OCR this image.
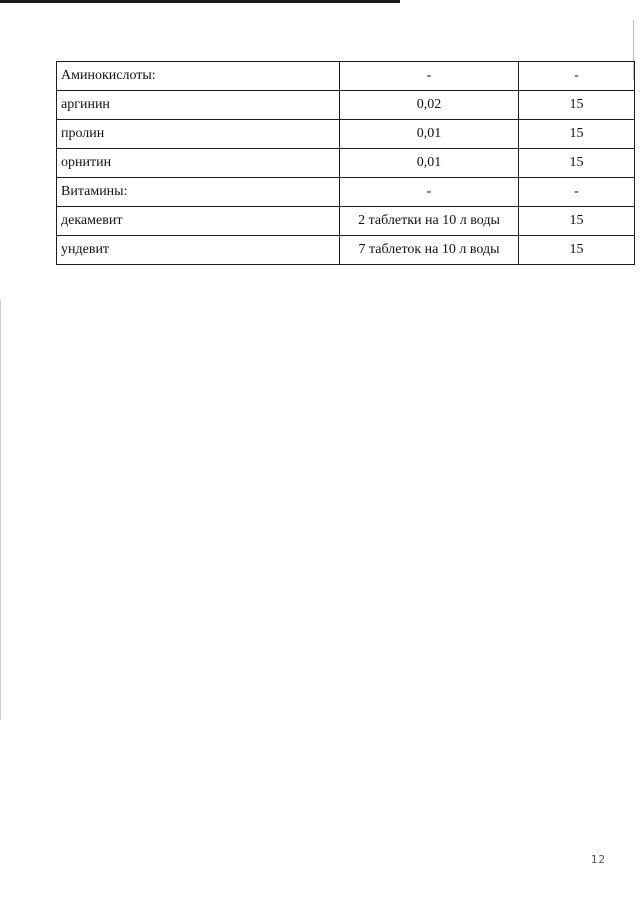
Аминокислоты:	-	-
аргинин	0,02	15
пролин	0,01	15
орнитин	0,01	15
Витамины:	-	-
декамевит	2 таблетки на 10 л воды	15
ундевит	7 таблеток на 10 л воды	15
12
